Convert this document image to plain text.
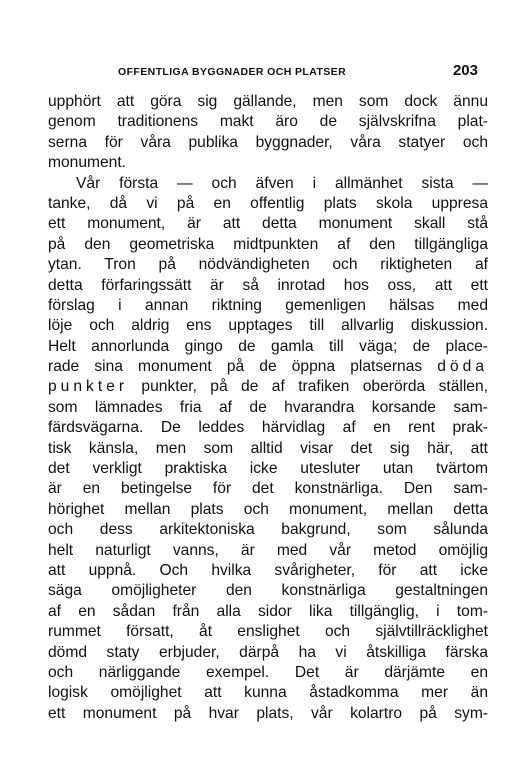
OFFENTLIGA BYGGNADER OCH PLATSER	203
upphört att göra sig gällande, men som dock ännu
genom traditionens makt äro de självskrifna plat-
serna för våra publika byggnader, våra statyer och
monument.
Vår första — och äfven i allmänhet sista —
tanke, då vi på en offentlig plats skola uppresa
ett monument, är att detta monument skall stå
på den geometriska midtpunkten af den tillgängliga
ytan. Tron på nödvändigheten och riktigheten af
detta förfaringssätt är så inrotad hos oss, att ett
förslag i annan riktning gemenligen hälsas med
löje och aldrig ens upptages till allvarlig diskussion.
Helt annorlunda gingo de gamla till väga; de place-
rade sina monument på de öppna platsernas döda
punkter punkter, på de af trafiken oberörda ställen,
som lämnades fria af de hvarandra korsande sam-
färdsvägarna. De leddes härvidlag af en rent prak-
tisk känsla, men som alltid visar det sig här, att
det verkligt praktiska icke utesluter utan tvärtom
är en betingelse för det konstnärliga. Den sam-
hörighet mellan plats och monument, mellan detta
och dess arkitektoniska bakgrund, som sålunda
helt naturligt vanns, är med vår metod omöjlig
att uppnå. Och hvilka svårigheter, för att icke
säga omöjligheter den konstnärliga gestaltningen
af en sådan från alla sidor lika tillgänglig, i tom-
rummet försatt, åt enslighet och självtillräcklighet
dömd staty erbjuder, därpå ha vi åtskilliga färska
och närliggande exempel. Det är därjämte en
logisk omöjlighet att kunna åstadkomma mer än
ett monument på hvar plats, vår kolartro på sym-
